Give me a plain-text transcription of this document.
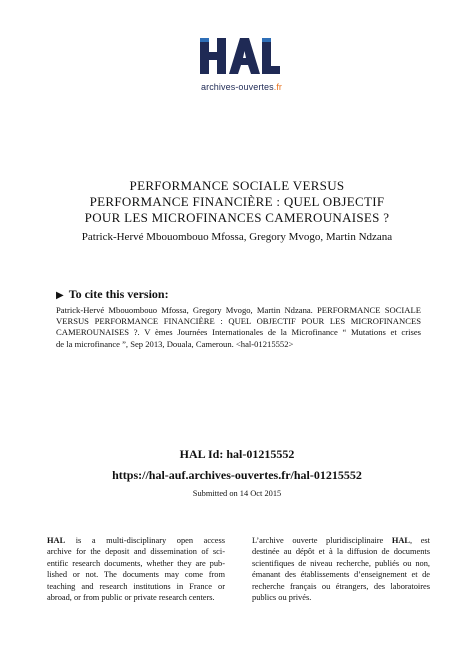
archives-ouvertes.fr
PERFORMANCE SOCIALE VERSUS
PERFORMANCE FINANCIÈRE : QUEL OBJECTIF
POUR LES MICROFINANCES CAMEROUNAISES ?
Patrick-Hervé Mbouombouo Mfossa, Gregory Mvogo, Martin Ndzana
▶ To cite this version:
Patrick-Hervé Mbouombouo Mfossa, Gregory Mvogo, Martin Ndzana. PERFORMANCE SOCIALE
VERSUS PERFORMANCE FINANCIÈRE : QUEL OBJECTIF POUR LES MICROFINANCES
CAMEROUNAISES ?. V èmes Journées Internationales de la Microfinance “ Mutations et crises
de la microfinance ”, Sep 2013, Douala, Cameroun. <hal-01215552>
HAL Id: hal-01215552
https://hal-auf.archives-ouvertes.fr/hal-01215552
Submitted on 14 Oct 2015
HAL is a multi-disciplinary open access
archive for the deposit and dissemination of sci-
entific research documents, whether they are pub-
lished or not. The documents may come from
teaching and research institutions in France or
abroad, or from public or private research centers.
L’archive ouverte pluridisciplinaire HAL, est
destinée au dépôt et à la diffusion de documents
scientifiques de niveau recherche, publiés ou non,
émanant des établissements d’enseignement et de
recherche français ou étrangers, des laboratoires
publics ou privés.
